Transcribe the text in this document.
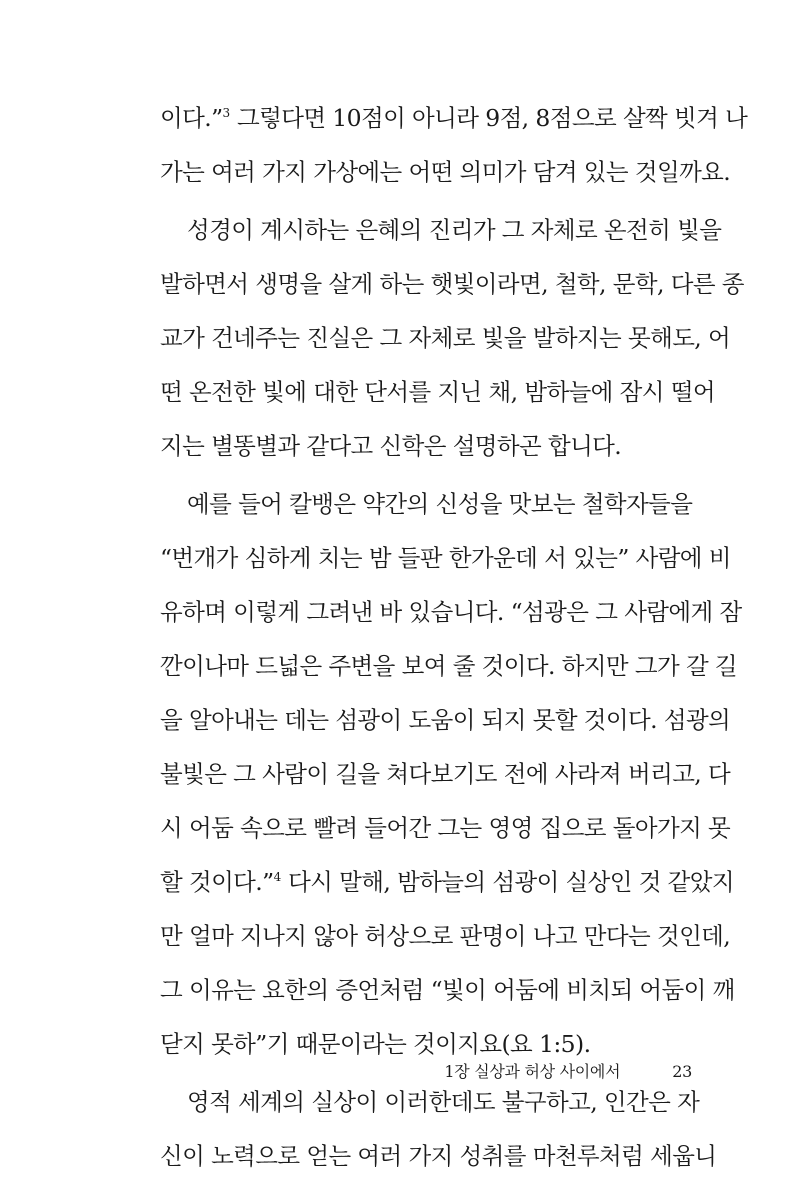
이다.”$^3$ 그렇다면 10점이 아니라 9점, 8점으로 살짝 빗겨 나
가는 여러 가지 가상에는 어떤 의미가 담겨 있는 것일까요.
성경이 계시하는 은혜의 진리가 그 자체로 온전히 빛을
발하면서 생명을 살게 하는 햇빛이라면, 철학, 문학, 다른 종
교가 건네주는 진실은 그 자체로 빛을 발하지는 못해도, 어
떤 온전한 빛에 대한 단서를 지닌 채, 밤하늘에 잠시 떨어
지는 별똥별과 같다고 신학은 설명하곤 합니다.
예를 들어 칼뱅은 약간의 신성을 맛보는 철학자들을
“번개가 심하게 치는 밤 들판 한가운데 서 있는” 사람에 비
유하며 이렇게 그려낸 바 있습니다. “섬광은 그 사람에게 잠
깐이나마 드넓은 주변을 보여 줄 것이다. 하지만 그가 갈 길
을 알아내는 데는 섬광이 도움이 되지 못할 것이다. 섬광의
불빛은 그 사람이 길을 쳐다보기도 전에 사라져 버리고, 다
시 어둠 속으로 빨려 들어간 그는 영영 집으로 돌아가지 못
할 것이다.”$^4$ 다시 말해, 밤하늘의 섬광이 실상인 것 같았지
만 얼마 지나지 않아 허상으로 판명이 나고 만다는 것인데,
그 이유는 요한의 증언처럼 “빛이 어둠에 비치되 어둠이 깨
닫지 못하”기 때문이라는 것이지요(요 1:5).
영적 세계의 실상이 이러한데도 불구하고, 인간은 자
신이 노력으로 얻는 여러 가지 성취를 마천루처럼 세웁니
1장 실상과 허상 사이에서	23
